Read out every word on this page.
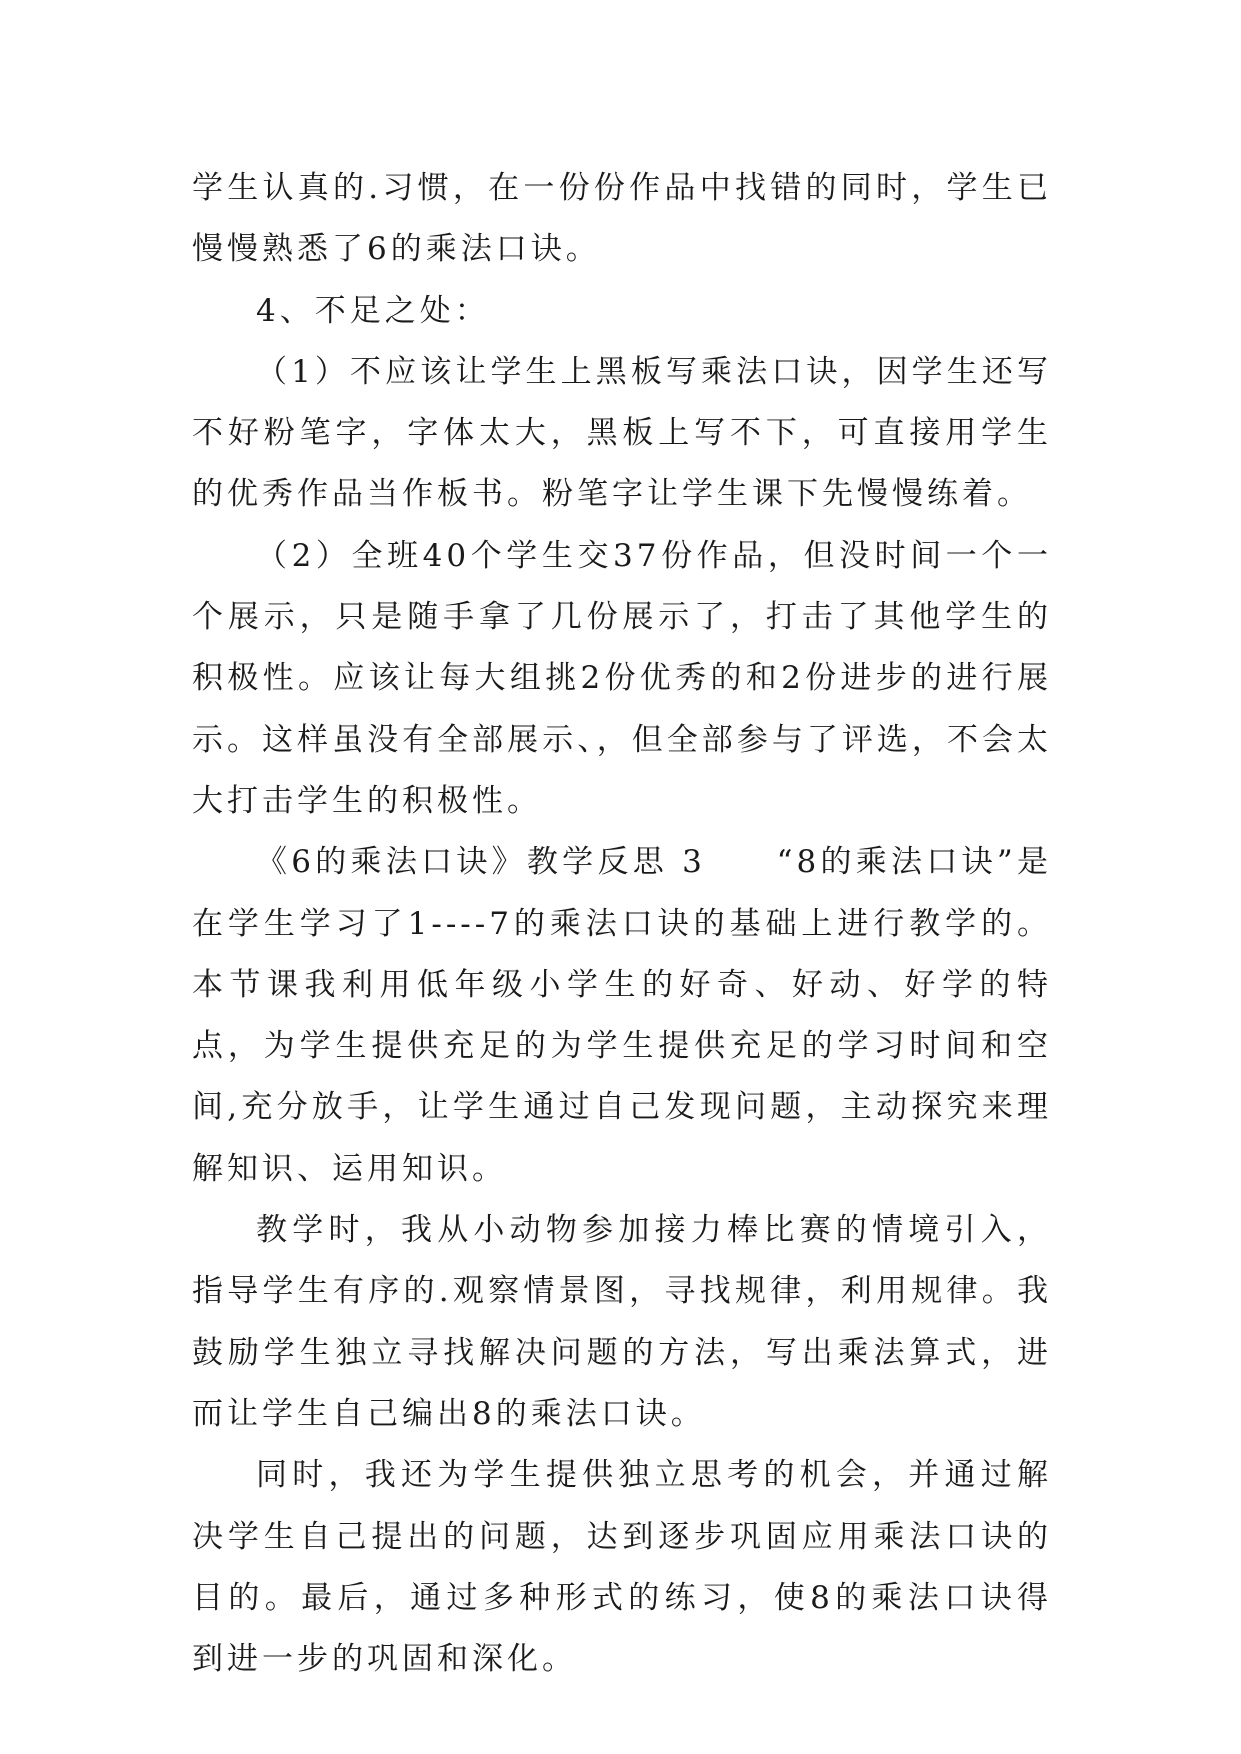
学生认真的.习惯，在一份份作品中找错的同时，学生已慢慢熟悉了6的乘法口诀。

4、不足之处：

（1）不应该让学生上黑板写乘法口诀，因学生还写不好粉笔字，字体太大，黑板上写不下，可直接用学生的优秀作品当作板书。粉笔字让学生课下先慢慢练着。

（2）全班40个学生交37份作品，但没时间一个一个展示，只是随手拿了几份展示了，打击了其他学生的积极性。应该让每大组挑2份优秀的和2份进步的进行展示。这样虽没有全部展示、，但全部参与了评选，不会太大打击学生的积极性。

《6的乘法口诀》教学反思 3　　“8的乘法口诀”是在学生学习了1----7的乘法口诀的基础上进行教学的。本节课我利用低年级小学生的好奇、好动、好学的特点，为学生提供充足的为学生提供充足的学习时间和空间,充分放手，让学生通过自己发现问题，主动探究来理解知识、运用知识。

教学时，我从小动物参加接力棒比赛的情境引入，指导学生有序的.观察情景图，寻找规律，利用规律。我鼓励学生独立寻找解决问题的方法，写出乘法算式，进而让学生自己编出8的乘法口诀。

同时，我还为学生提供独立思考的机会，并通过解决学生自己提出的问题，达到逐步巩固应用乘法口诀的目的。最后，通过多种形式的练习，使8的乘法口诀得到进一步的巩固和深化。
